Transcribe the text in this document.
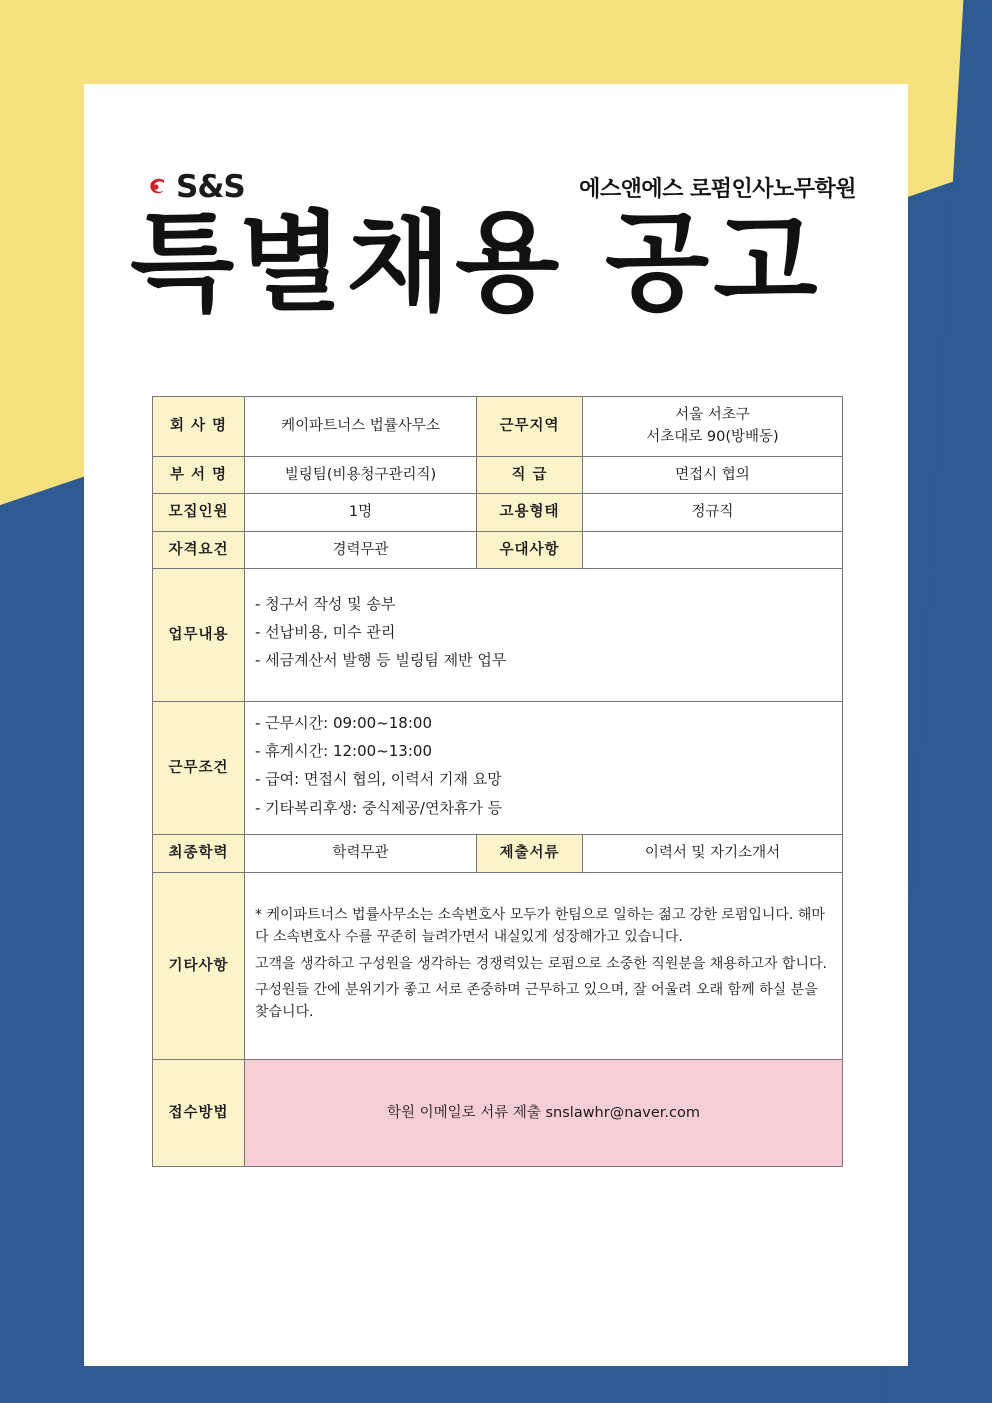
S&S	에스앤에스 로펌인사노무학원
특별채용 공고
회 사 명	케이파트너스 법률사무소	근무지역	서울 서초구
서초대로 90(방배동)

부 서 명	빌링팀(비용청구관리직)	직 급	면접시 협의
모집인원	1명	고용형태	정규직
자격요건	경력무관	우대사항	
업무내용	- 청구서 작성 및 송부

- 선납비용, 미수 관리

- 세금계산서 발행 등 빌링팀 제반 업무		

근무조건	- 근무시간: 09:00~18:00

- 휴게시간: 12:00~13:00

- 급여: 면접시 협의, 이력서 기재 요망

- 기타복리후생: 중식제공/연차휴가 등		

최종학력	학력무관	제출서류	이력서 및 자기소개서
기타사항	* 케이파트너스 법률사무소는 소속변호사 모두가 한팀으로 일하는 젊고 강한 로펌입니다. 해마다 소속변호사 수를 꾸준히 늘려가면서 내실있게 성장해가고 있습니다.

고객을 생각하고 구성원을 생각하는 경쟁력있는 로펌으로 소중한 직원분을 채용하고자 합니다.

구성원들 간에 분위기가 좋고 서로 존중하며 근무하고 있으며, 잘 어울려 오래 함께 하실 분을 찾습니다.		

접수방법	학원 이메일로 서류 제출 snslawhr@naver.com		
